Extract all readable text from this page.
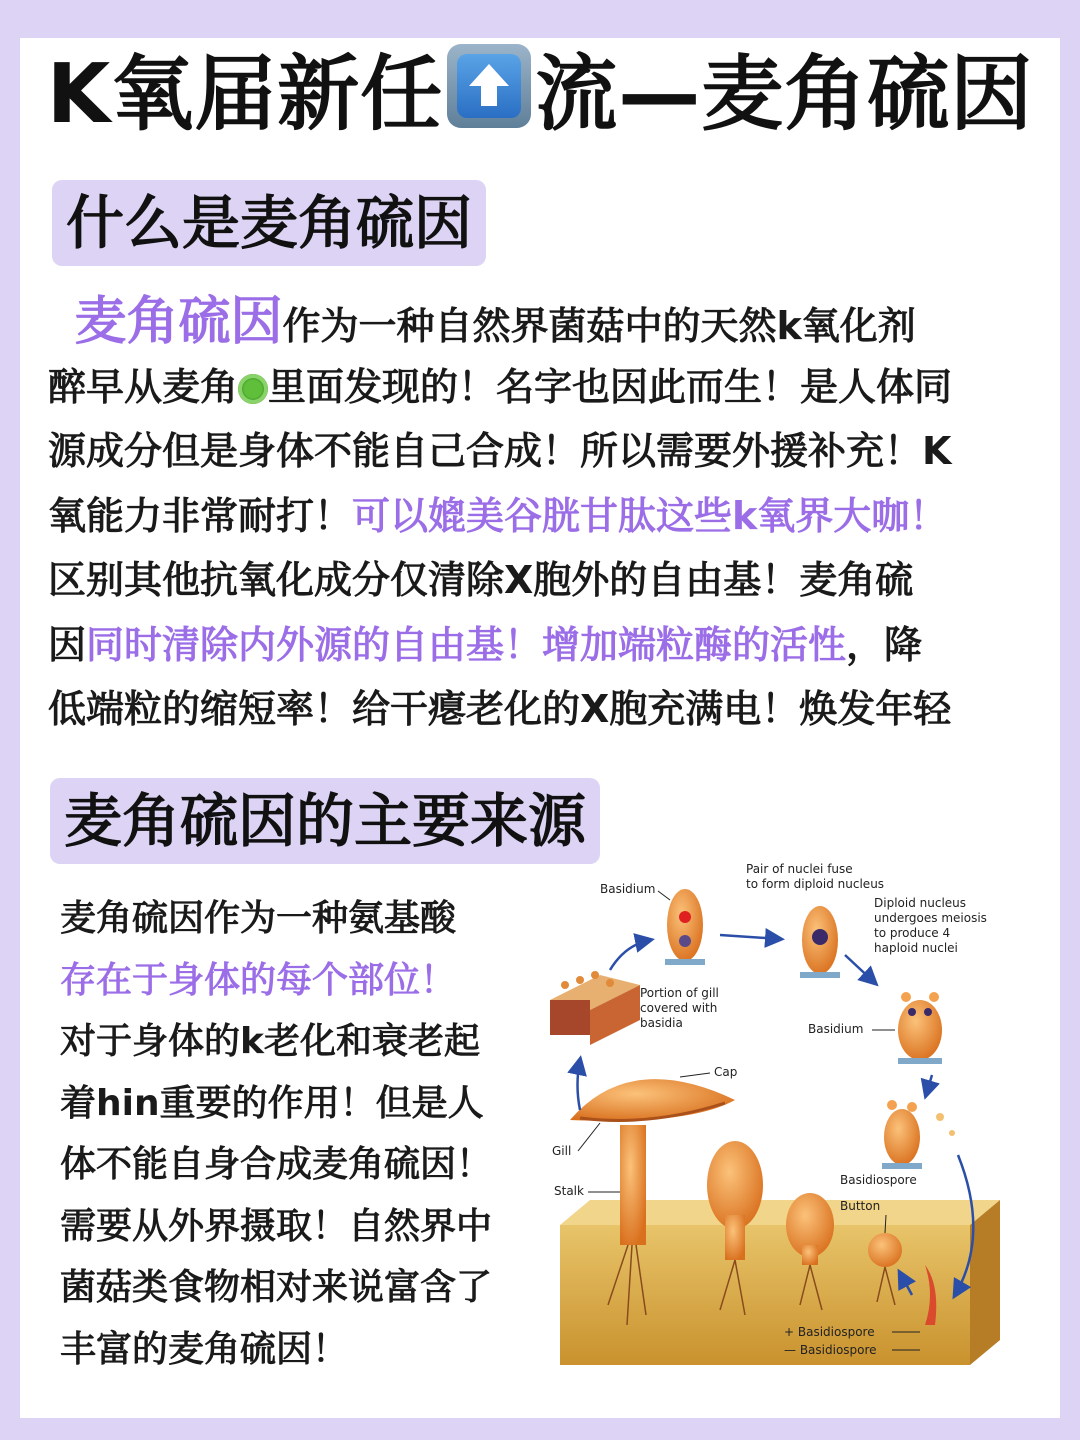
K氧届新任 流—麦角硫因
什么是麦角硫因
麦角硫因作为一种自然界菌菇中的天然k氧化剂
醉早从麦角 里面发现的！名字也因此而生！是人体同
源成分但是身体不能自己合成！所以需要外援补充！K
氧能力非常耐打！可以媲美谷胱甘肽这些k氧界大咖！
区别其他抗氧化成分仅清除X胞外的自由基！麦角硫
因同时清除内外源的自由基！增加端粒酶的活性，降
低端粒的缩短率！给干瘪老化的X胞充满电！焕发年轻
麦角硫因的主要来源
麦角硫因作为一种氨基酸
存在于身体的每个部位！
对于身体的k老化和衰老起
着hin重要的作用！但是人
体不能自身合成麦角硫因！
需要从外界摄取！自然界中
菌菇类食物相对来说富含了
丰富的麦角硫因！
Basidium
Pair of nuclei fuse
to form diploid nucleus
Diploid nucleus
undergoes meiosis
to produce 4
haploid nuclei
Portion of gill
covered with
basidia	Basidium
Cap
Gill
Stalk
Basidiospore
Button
+ Basidiospore
— Basidiospore
